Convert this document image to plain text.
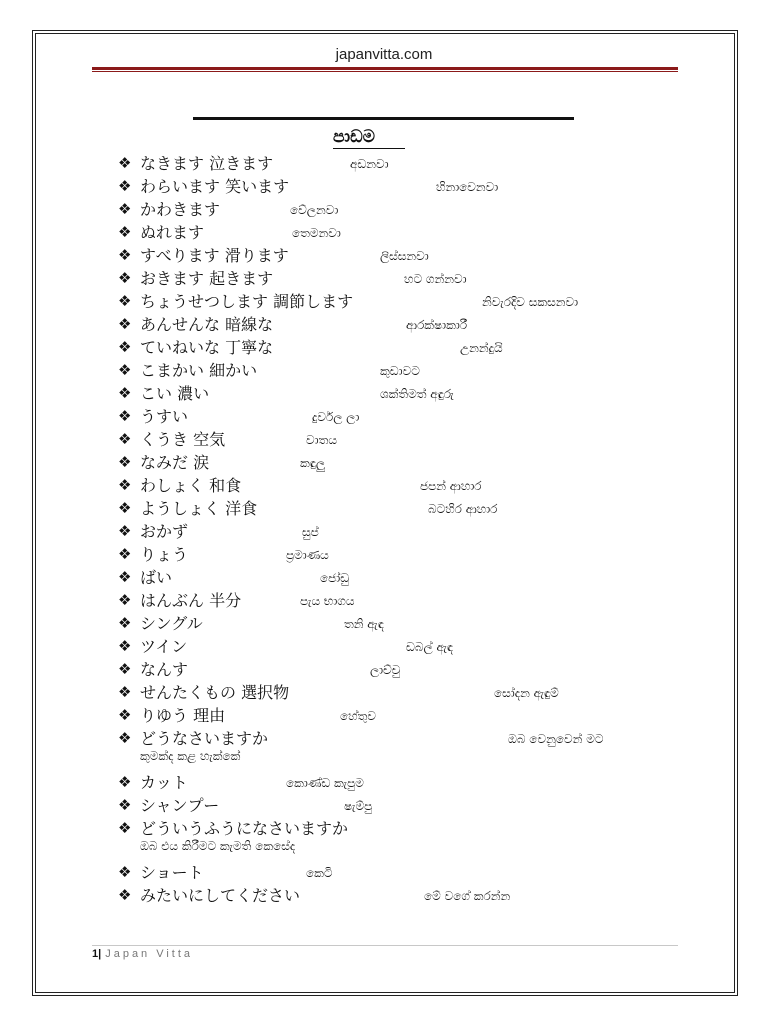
japanvitta.com
පාඩම
❖ なきます 泣きます	අඩනවා
❖ わらいます 笑います	හිනාවෙනවා
❖ かわきます	වේලනවා
❖ ぬれます	තෙමනවා
❖ すべります 滑ります	ලිස්සනවා
❖ おきます 起きます	හට ගන්නවා
❖ ちょうせつします 調節します	නිවැරදිව සකසනවා
❖ あんせんな 暗線な	ආරක්ෂාකාරී
❖ ていねいな 丁寧な	උනන්දුයි
❖ こまかい 細かい	කුඩාවට
❖ こい 濃い	ශක්තිමත් අඳුරු
❖ うすい	දුර්වල ලා
❖ くうき 空気	වාතය
❖ なみだ 涙	කඳුලු
❖ わしょく 和食	ජපන් ආහාර
❖ ようしょく 洋食	බටහිර ආහාර
❖ おかず	සුප්
❖ りょう	ප්‍රමාණය
❖ ばい	ජෝඩු
❖ はんぶん 半分	පැය භාගය
❖ シングル	තනි ඇඳ
❖ ツイン	ඩබල් ඇඳ
❖ なんす	ලාච්චු
❖ せんたくもの 選択物	සෝදන ඇඳුම්
❖ りゆう 理由	හේතුව
❖ どうなさいますか	ඔබ වෙනුවෙන් මට
කුමක්ද කළ හැක්කේ
❖ カット	කොණ්ඩ කැපුම
❖ シャンプー	ෂැම්පු
❖ どういうふうになさいますか
ඔබ එය කිරීමට කැමති කෙසේද
❖ ショート	කෙටි
❖ みたいにしてください	මේ වගේ කරන්න
1| Japan Vitta
